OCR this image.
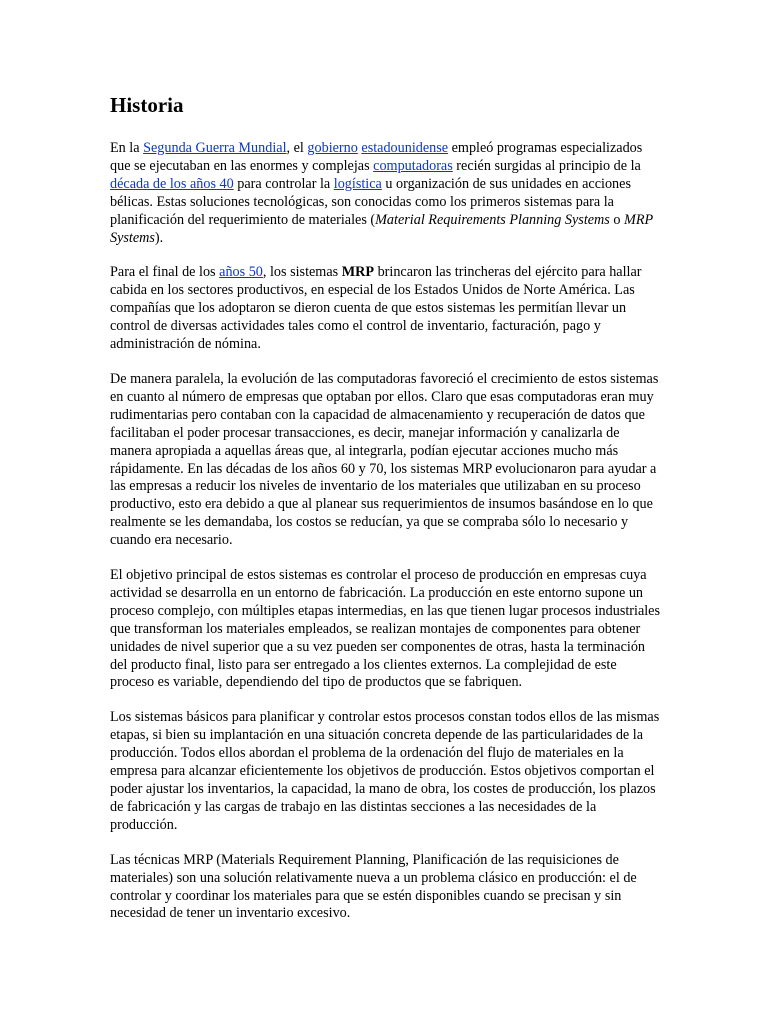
Historia

En la Segunda Guerra Mundial, el gobierno estadounidense empleó programas especializados que se ejecutaban en las enormes y complejas computadoras recién surgidas al principio de la década de los años 40 para controlar la logística u organización de sus unidades en acciones bélicas. Estas soluciones tecnológicas, son conocidas como los primeros sistemas para la planificación del requerimiento de materiales (Material Requirements Planning Systems o MRP Systems).

Para el final de los años 50, los sistemas MRP brincaron las trincheras del ejército para hallar cabida en los sectores productivos, en especial de los Estados Unidos de Norte América. Las compañías que los adoptaron se dieron cuenta de que estos sistemas les permitían llevar un control de diversas actividades tales como el control de inventario, facturación, pago y administración de nómina.

De manera paralela, la evolución de las computadoras favoreció el crecimiento de estos sistemas en cuanto al número de empresas que optaban por ellos. Claro que esas computadoras eran muy rudimentarias pero contaban con la capacidad de almacenamiento y recuperación de datos que facilitaban el poder procesar transacciones, es decir, manejar información y canalizarla de manera apropiada a aquellas áreas que, al integrarla, podían ejecutar acciones mucho más rápidamente. En las décadas de los años 60 y 70, los sistemas MRP evolucionaron para ayudar a las empresas a reducir los niveles de inventario de los materiales que utilizaban en su proceso productivo, esto era debido a que al planear sus requerimientos de insumos basándose en lo que realmente se les demandaba, los costos se reducían, ya que se compraba sólo lo necesario y cuando era necesario.

El objetivo principal de estos sistemas es controlar el proceso de producción en empresas cuya actividad se desarrolla en un entorno de fabricación. La producción en este entorno supone un proceso complejo, con múltiples etapas intermedias, en las que tienen lugar procesos industriales que transforman los materiales empleados, se realizan montajes de componentes para obtener unidades de nivel superior que a su vez pueden ser componentes de otras, hasta la terminación del producto final, listo para ser entregado a los clientes externos. La complejidad de este proceso es variable, dependiendo del tipo de productos que se fabriquen.

Los sistemas básicos para planificar y controlar estos procesos constan todos ellos de las mismas etapas, si bien su implantación en una situación concreta depende de las particularidades de la producción. Todos ellos abordan el problema de la ordenación del flujo de materiales en la empresa para alcanzar eficientemente los objetivos de producción. Estos objetivos comportan el poder ajustar los inventarios, la capacidad, la mano de obra, los costes de producción, los plazos de fabricación y las cargas de trabajo en las distintas secciones a las necesidades de la producción.

Las técnicas MRP (Materials Requirement Planning, Planificación de las requisiciones de materiales) son una solución relativamente nueva a un problema clásico en producción: el de controlar y coordinar los materiales para que se estén disponibles cuando se precisan y sin necesidad de tener un inventario excesivo.
